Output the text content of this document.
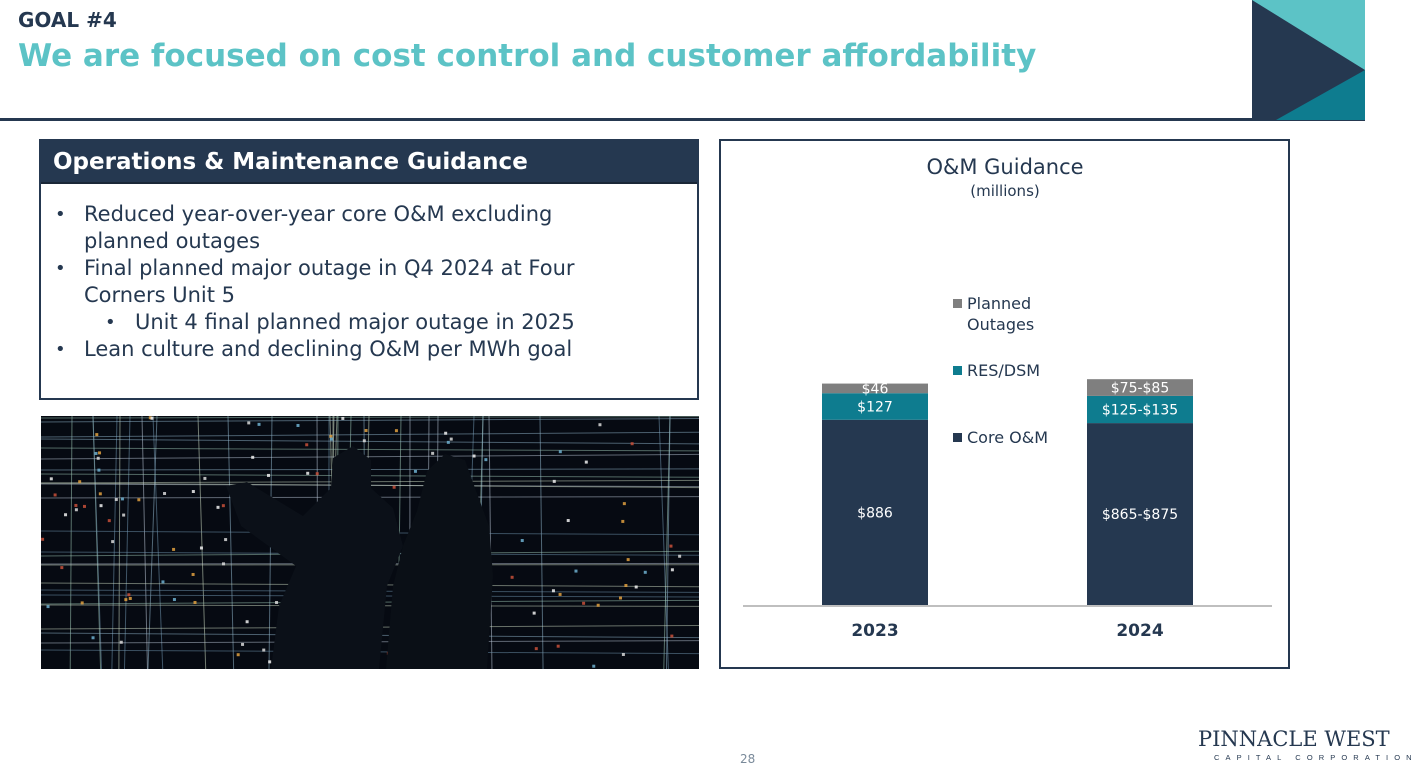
GOAL #4
We are focused on cost control and customer affordability
Operations & Maintenance Guidance
• Reduced year-over-year core O&M excluding
planned outages
• Final planned major outage in Q4 2024 at Four
Corners Unit 5
• Unit 4 final planned major outage in 2025
• Lean culture and declining O&M per MWh goal
O&M Guidance
(millions)
$886
$127
$46
2023
$865-$875
$125-$135
$75-$85
2024
Planned
Outages
RES/DSM
Core O&M
28
PINNACLE WEST
CAPITAL CORPORATION
